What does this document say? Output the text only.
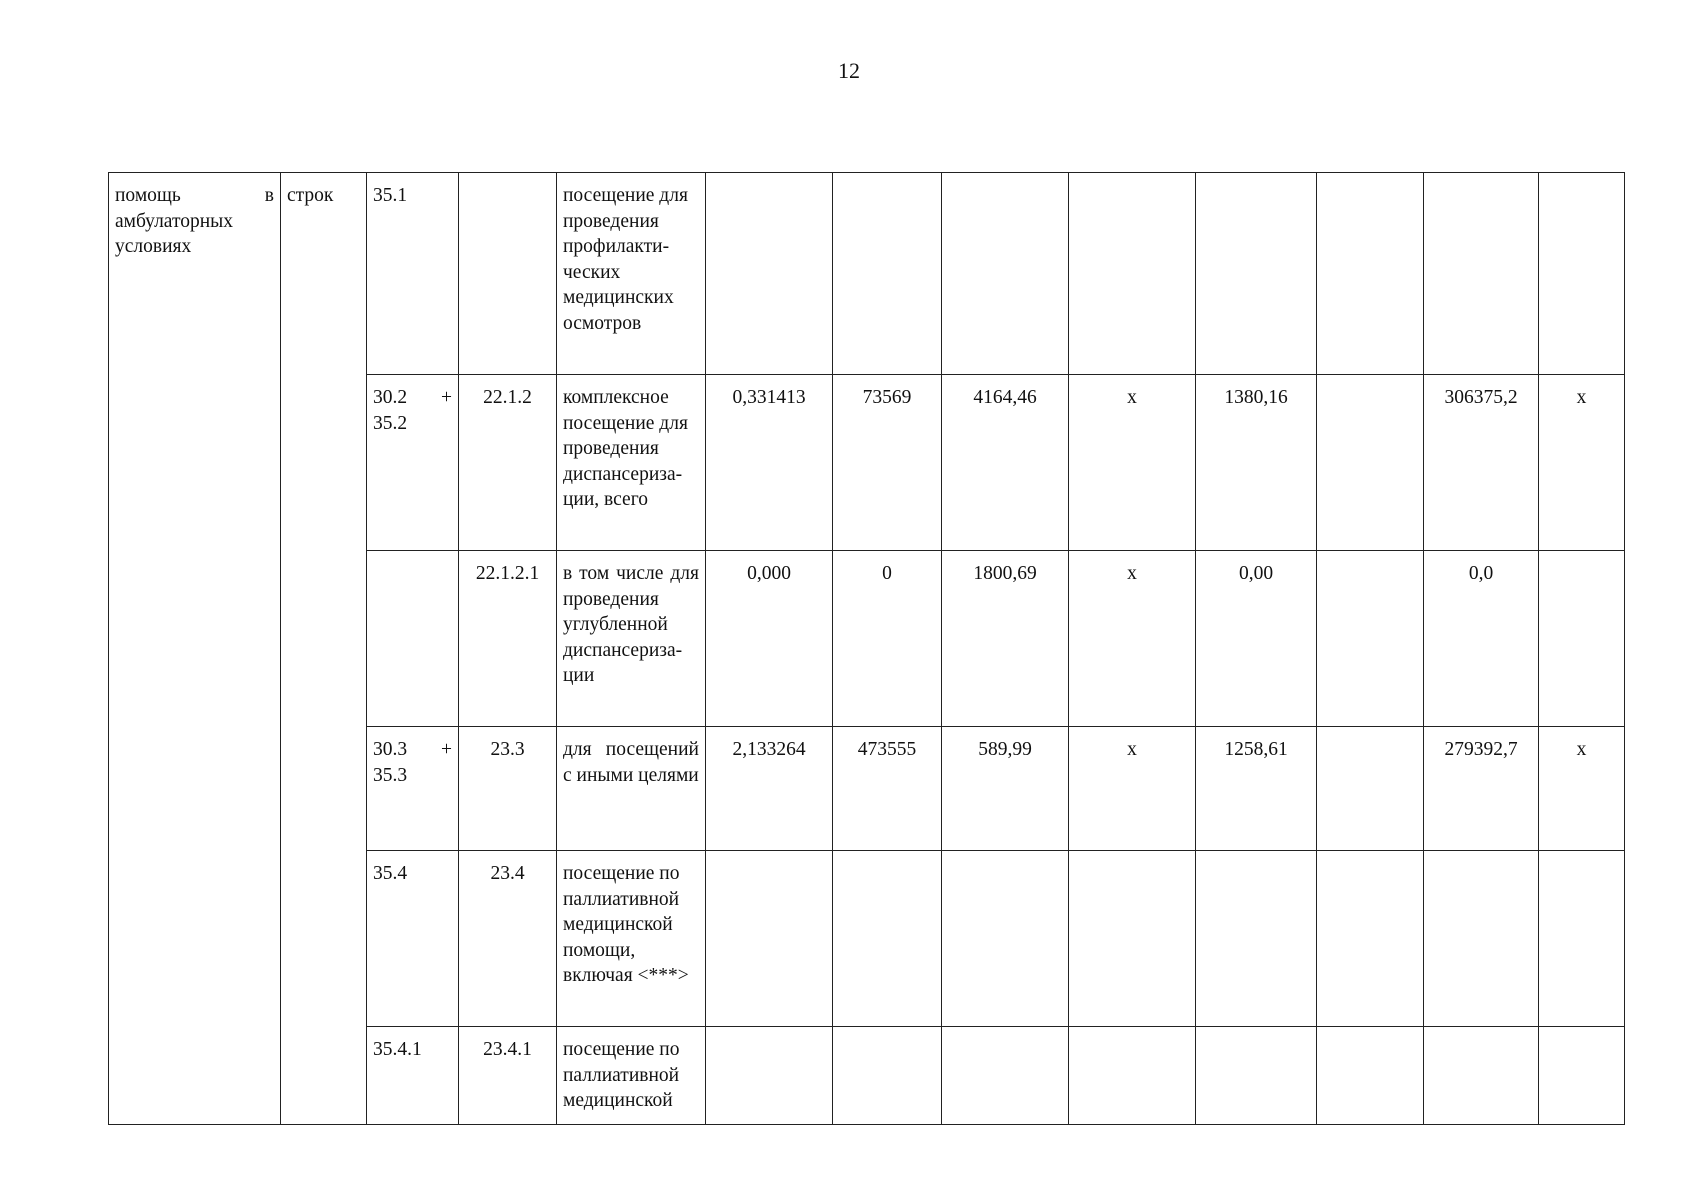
12
помощь в амбулаторных условиях	строк	35.1		посещение для проведения профилакти-ческих медицинских осмотров								
		30.2 + 35.2	22.1.2	комплексное посещение для проведения диспансериза-ции, всего	0,331413	73569	4164,46	х	1380,16		306375,2	х
			22.1.2.1	в том числе для проведения углубленной диспансериза-ции	0,000	0	1800,69	х	0,00		0,0	
		30.3 + 35.3	23.3	для посещений с иными целями	2,133264	473555	589,99	х	1258,61		279392,7	х
		35.4	23.4	посещение по паллиативной медицинской помощи, включая <***>								
		35.4.1	23.4.1	посещение по паллиативной медицинской								
